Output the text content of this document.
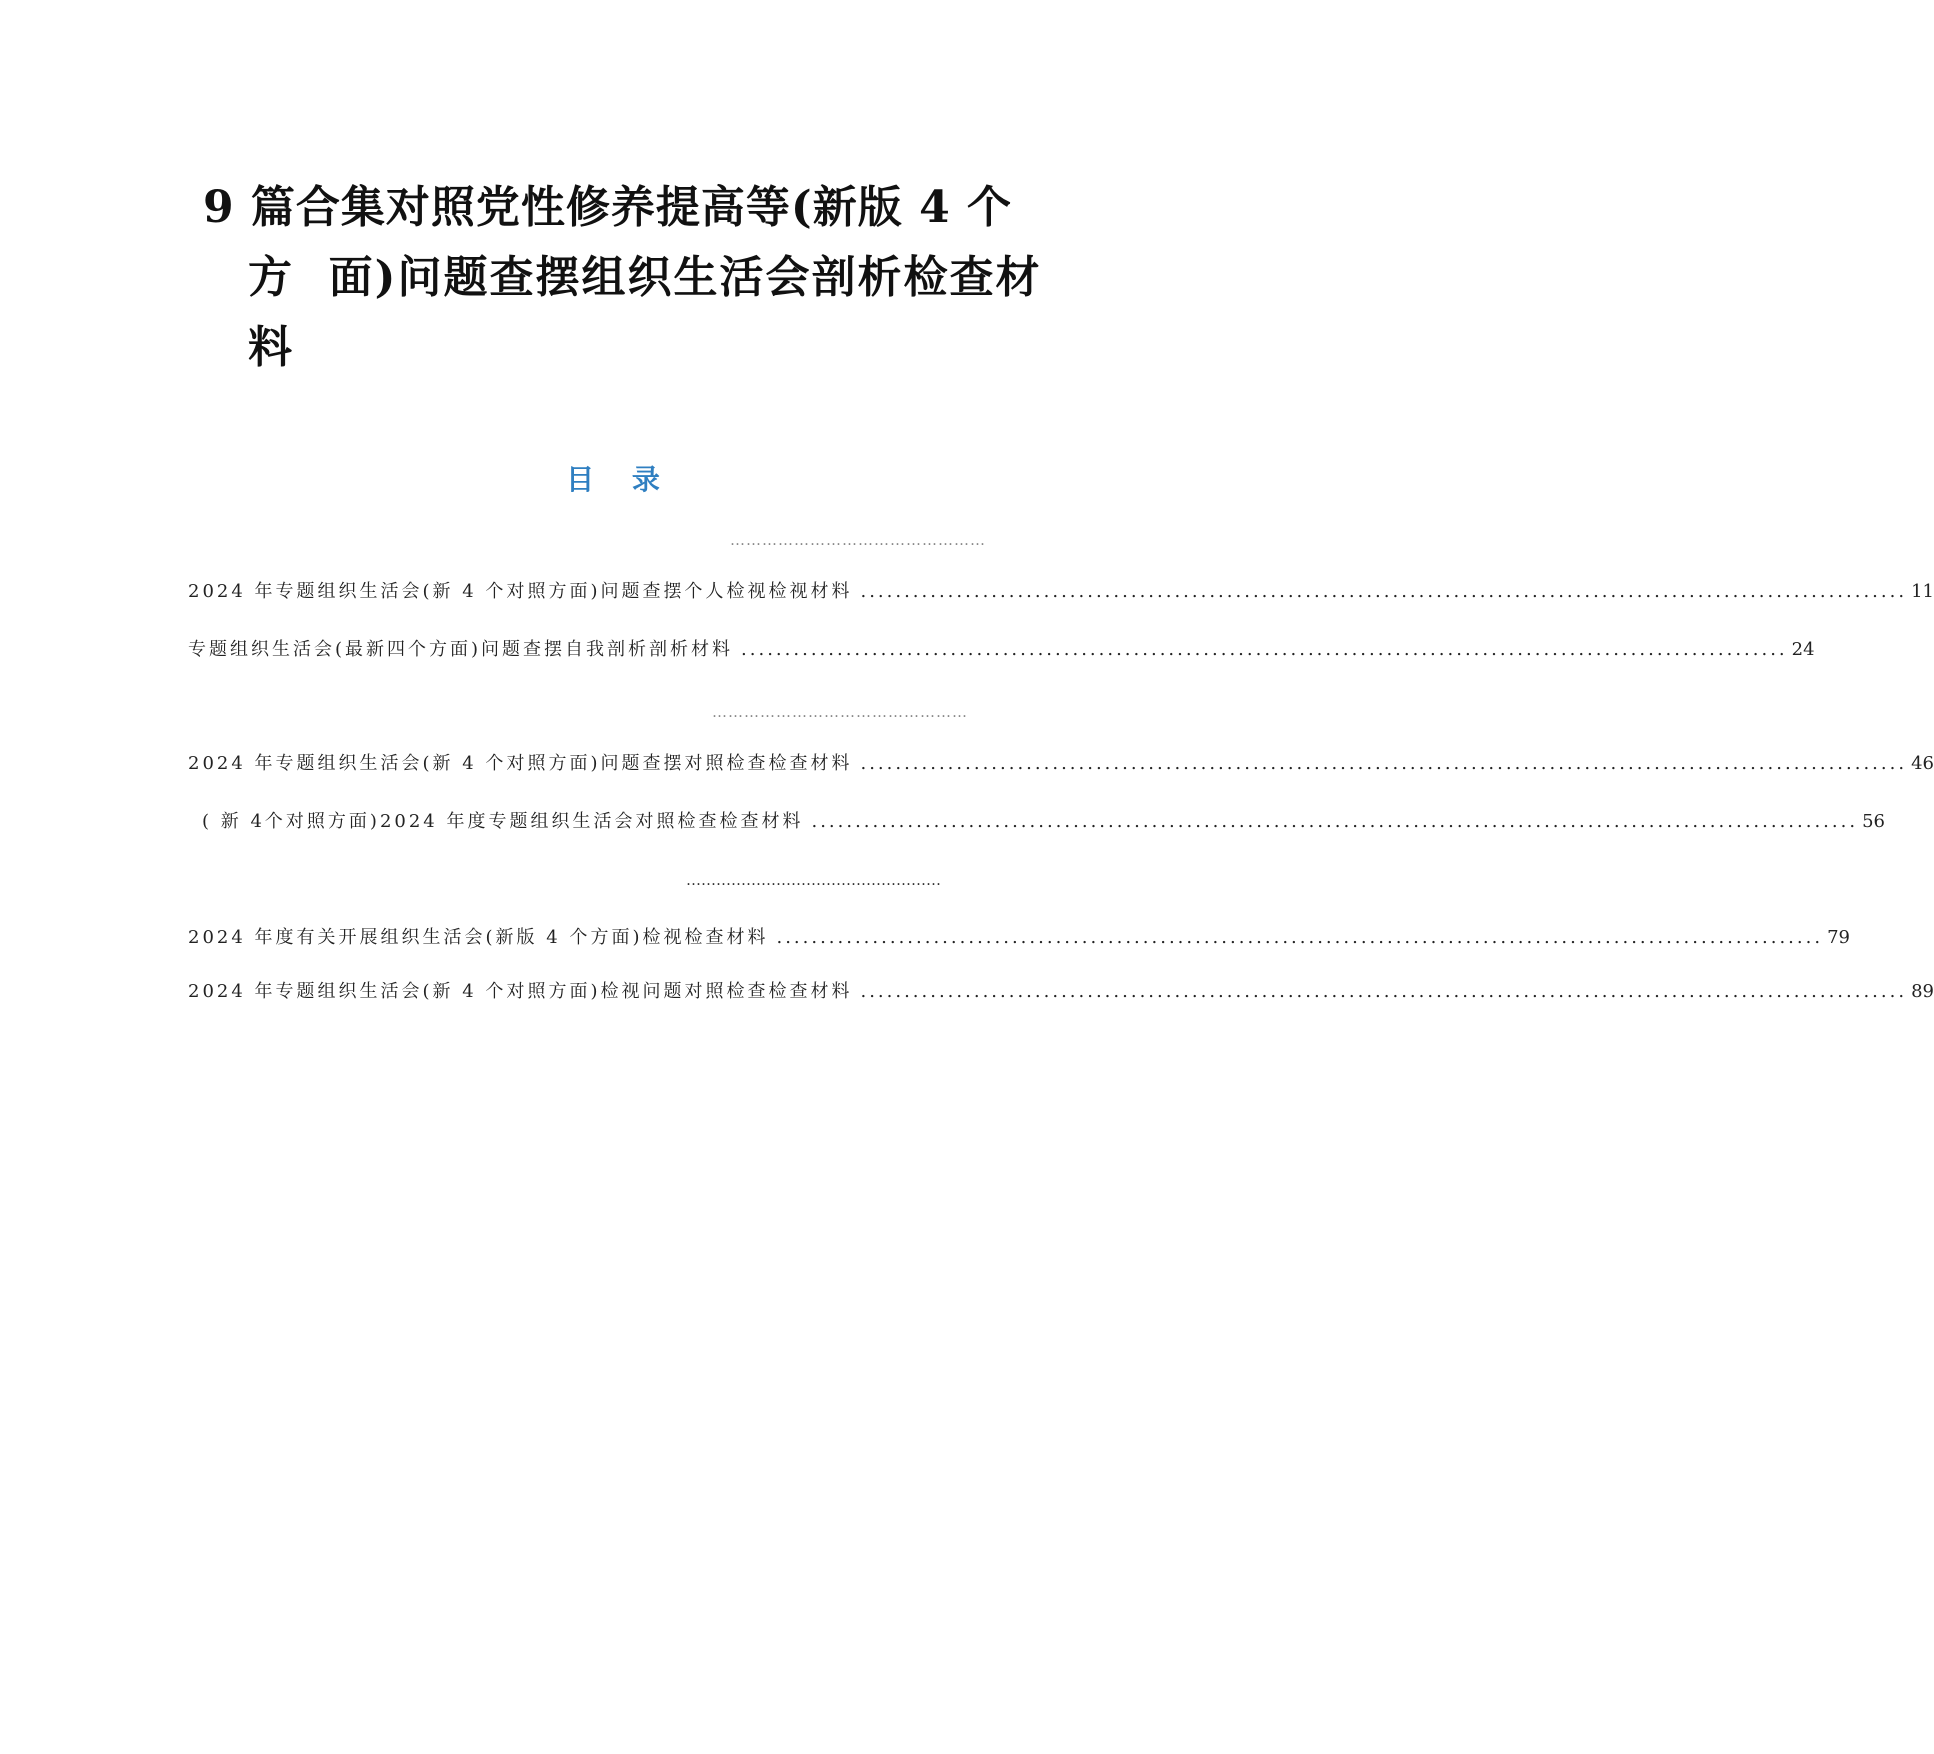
9 篇合集对照党性修养提高等(新版 4 个
方  面)问题查摆组织生活会剖析检查材
料
目 录
…………………………………………
2024 年专题组织生活会(新 4 个对照方面)问题查摆个人检视检视材料 ........................................................................................................................ 11
专题组织生活会(最新四个方面)问题查摆自我剖析剖析材料 ........................................................................................................................ 24
…………………………………………
2024 年专题组织生活会(新 4 个对照方面)问题查摆对照检查检查材料 ........................................................................................................................ 46
( 新 4个对照方面)2024 年度专题组织生活会对照检查检查材料 ........................................................................................................................ 56
……………………………………………
2024 年度有关开展组织生活会(新版 4 个方面)检视检查材料 ........................................................................................................................ 79
2024 年专题组织生活会(新 4 个对照方面)检视问题对照检查检查材料 ........................................................................................................................ 89
